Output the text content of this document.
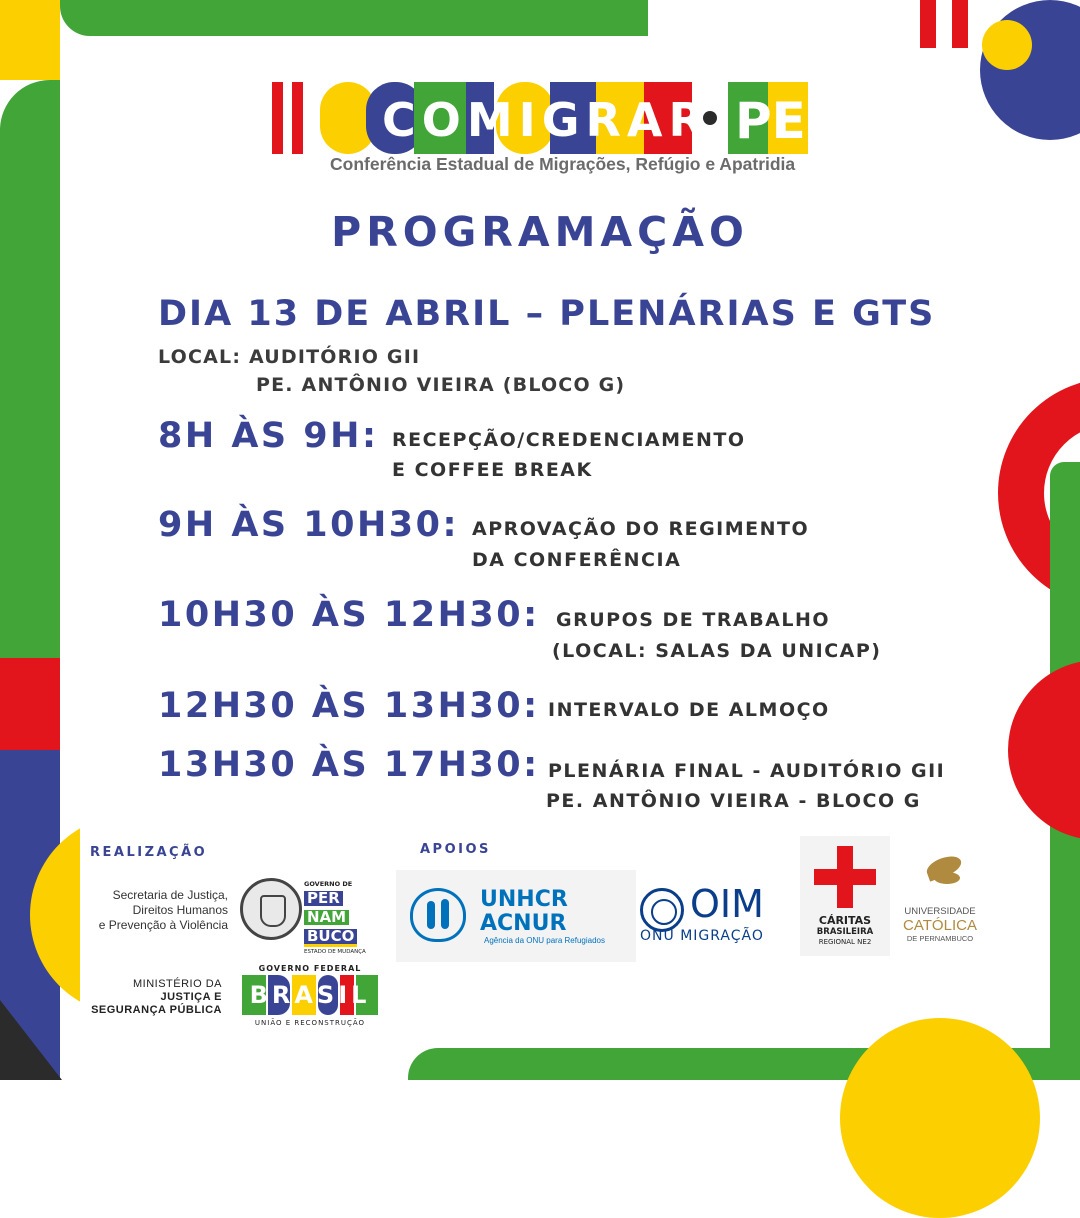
COMIGRAR PE
Conferência Estadual de Migrações, Refúgio e Apatridia
PROGRAMAÇÃO
DIA 13 DE ABRIL – PLENÁRIAS E GTS
LOCAL: AUDITÓRIO GII
PE. ANTÔNIO VIEIRA (BLOCO G)
8H ÀS 9H: RECEPÇÃO/CREDENCIAMENTO
E COFFEE BREAK
9H ÀS 10H30: APROVAÇÃO DO REGIMENTO
DA CONFERÊNCIA
10H30 ÀS 12H30: GRUPOS DE TRABALHO
(LOCAL: SALAS DA UNICAP)
12H30 ÀS 13H30: INTERVALO DE ALMOÇO
13H30 ÀS 17H30: PLENÁRIA FINAL - AUDITÓRIO GII
PE. ANTÔNIO VIEIRA - BLOCO G
REALIZAÇÃO
Secretaria de Justiça,
Direitos Humanos
e Prevenção à Violência
GOVERNO DE
PER NAM BUCO
ESTADO DE MUDANÇA
MINISTÉRIO DA
JUSTIÇA E
SEGURANÇA PÚBLICA
GOVERNO FEDERAL
BRASIL
UNIÃO E RECONSTRUÇÃO
APOIOS
UNHCR
ACNUR
Agência da ONU para Refugiados
OIM
ONU MIGRAÇÃO
CÁRITAS
BRASILEIRA
REGIONAL NE2
UNIVERSIDADE
CATÓLICA
DE PERNAMBUCO
